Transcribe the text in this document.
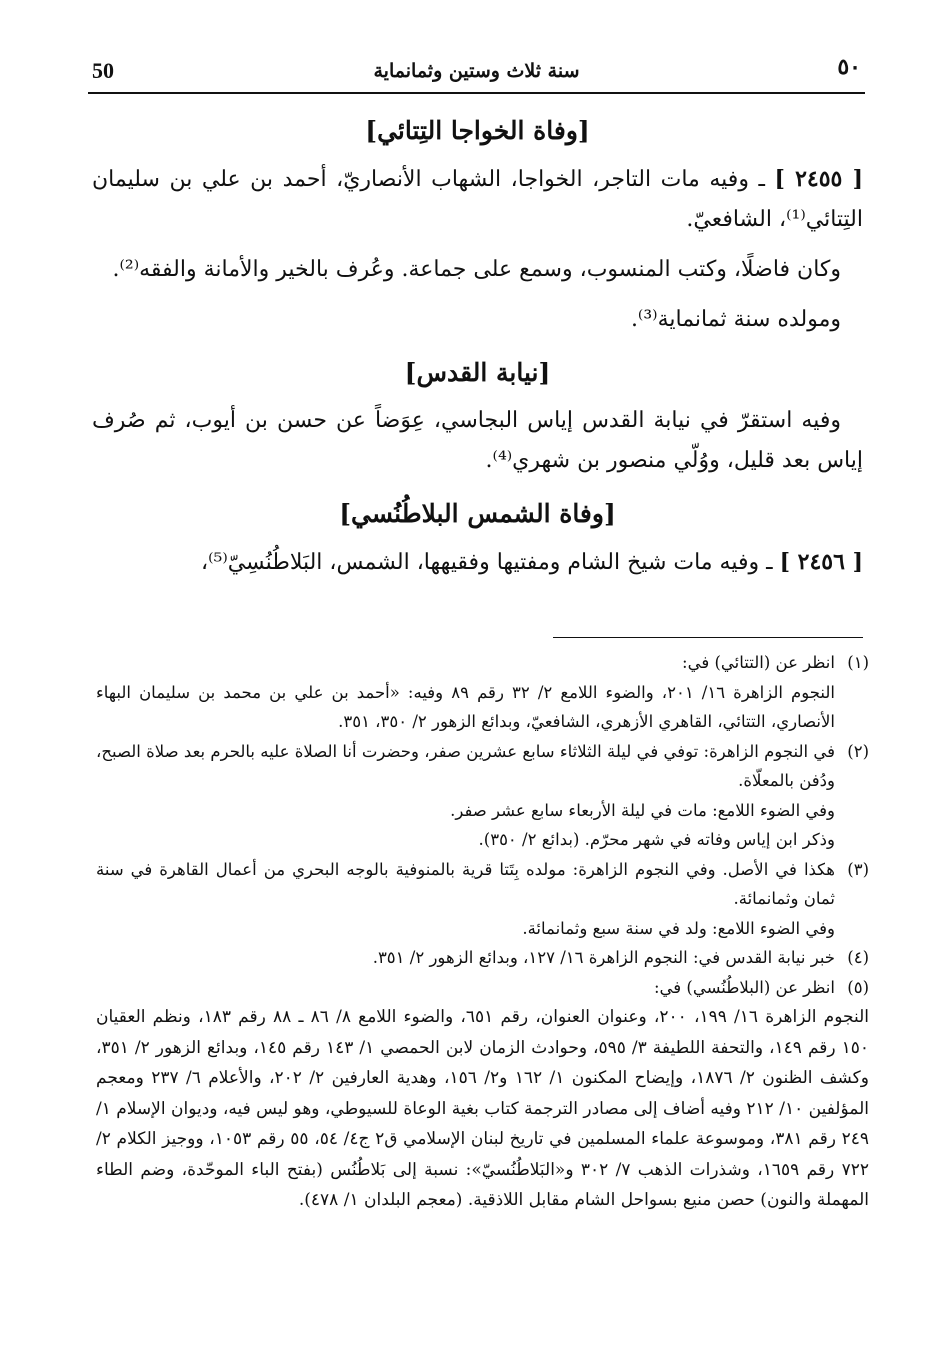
٥٠
سنة ثلاث وستين وثمانماية
50
[وفاة الخواجا التِتائي]

[ ٢٤٥٥ ] ـ وفيه مات التاجر، الخواجا، الشهاب الأنصاريّ، أحمد بن علي بن سليمان التِتائي⁽¹⁾، الشافعيّ.

وكان فاضلًا، وكتب المنسوب، وسمع على جماعة. وعُرف بالخير والأمانة والفقه⁽²⁾.

ومولده سنة ثمانماية⁽³⁾.

[نيابة القدس]

وفيه استقرّ في نيابة القدس إياس البجاسي، عِوَضاً عن حسن بن أيوب، ثم صُرف إياس بعد قليل، ووُلّي منصور بن شهري⁽⁴⁾.

[وفاة الشمس البلاطُنُسي]

[ ٢٤٥٦ ] ـ وفيه مات شيخ الشام ومفتيها وفقيهها، الشمس، البَلاطُنُسِيّ⁽⁵⁾،

(١)

انظر عن (التتائي) في:

النجوم الزاهرة ١٦/ ٢٠١، والضوء اللامع ٢/ ٣٢ رقم ٨٩ وفيه: «أحمد بن علي بن محمد بن سليمان البهاء الأنصاري، التتائي، القاهري الأزهري، الشافعيّ، وبدائع الزهور ٢/ ٣٥٠، ٣٥١.

(٢)

في النجوم الزاهرة: توفي في ليلة الثلاثاء سابع عشرين صفر، وحضرت أنا الصلاة عليه بالحرم بعد صلاة الصبح، ودُفن بالمعلّاة.

وفي الضوء اللامع: مات في ليلة الأربعاء سابع عشر صفر.

وذكر ابن إياس وفاته في شهر محرّم. (بدائع ٢/ ٣٥٠).

(٣)

هكذا في الأصل. وفي النجوم الزاهرة: مولده بِتَتا قرية بالمنوفية بالوجه البحري من أعمال القاهرة في سنة ثمان وثمانمائة.

وفي الضوء اللامع: ولد في سنة سبع وثمانمائة.

(٤)

خبر نيابة القدس في: النجوم الزاهرة ١٦/ ١٢٧، وبدائع الزهور ٢/ ٣٥١.

(٥)

انظر عن (البلاطُنُسي) في:

النجوم الزاهرة ١٦/ ١٩٩، ٢٠٠، وعنوان العنوان، رقم ٦٥١، والضوء اللامع ٨/ ٨٦ ـ ٨٨ رقم ١٨٣، ونظم العقيان ١٥٠ رقم ١٤٩، والتحفة اللطيفة ٣/ ٥٩٥، وحوادث الزمان لابن الحمصي ١/ ١٤٣ رقم ١٤٥، وبدائع الزهور ٢/ ٣٥١، وكشف الظنون ٢/ ١٨٧٦، وإيضاح المكنون ١/ ١٦٢ و٢/ ١٥٦، وهدية العارفين ٢/ ٢٠٢، والأعلام ٦/ ٢٣٧ ومعجم المؤلفين ١٠/ ٢١٢ وفيه أضاف إلى مصادر الترجمة كتاب بغية الوعاة للسيوطي، وهو ليس فيه، وديوان الإسلام ١/ ٢٤٩ رقم ٣٨١، وموسوعة علماء المسلمين في تاريخ لبنان الإسلامي ق٢ ج٤/ ٥٤، ٥٥ رقم ١٠٥٣، ووجيز الكلام ٢/ ٧٢٢ رقم ١٦٥٩، وشذرات الذهب ٧/ ٣٠٢ و«البَلاطُنُسيّ»: نسبة إلى بَلاطُنُس (بفتح الباء الموحّدة، وضم الطاء المهملة والنون) حصن منيع بسواحل الشام مقابل اللاذقية. (معجم البلدان ١/ ٤٧٨).
